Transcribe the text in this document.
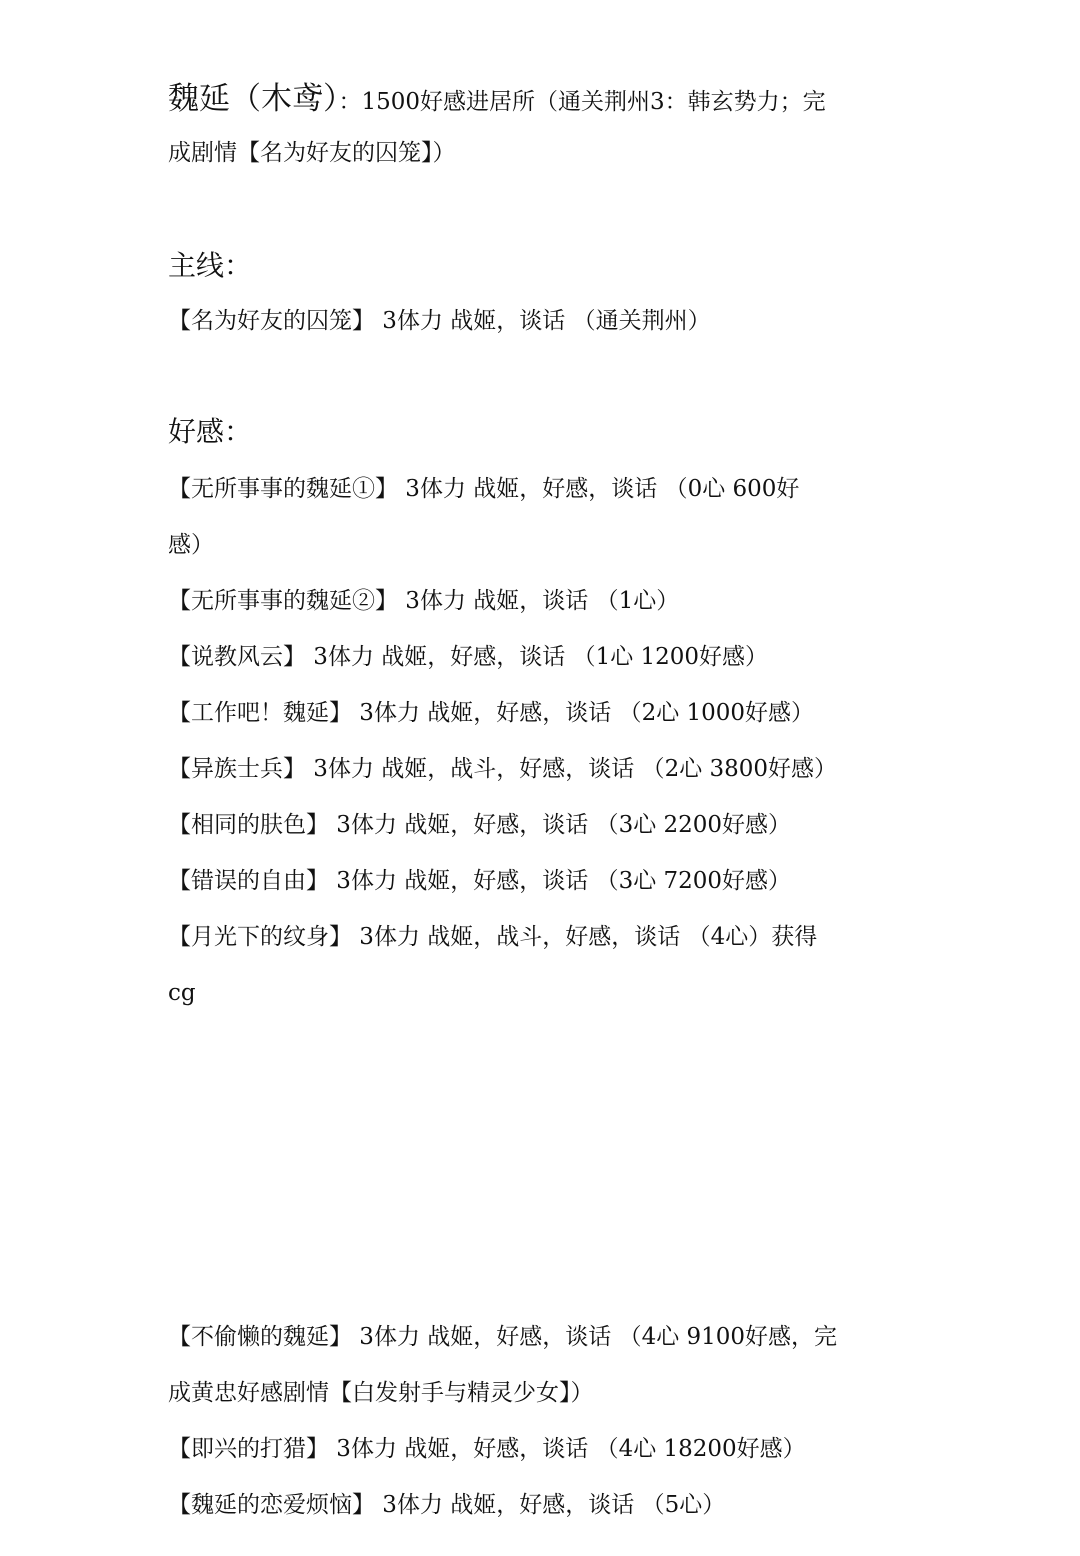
魏延（木鸢）：1500好感进居所（通关荆州3：韩玄势力；完
成剧情【名为好友的囚笼】）
主线：
【名为好友的囚笼】 3体力 战姬，谈话 （通关荆州）
好感：
【无所事事的魏延①】 3体力 战姬，好感，谈话 （0心 600好
感）
【无所事事的魏延②】 3体力 战姬，谈话 （1心）
【说教风云】 3体力 战姬，好感，谈话 （1心 1200好感）
【工作吧！魏延】 3体力 战姬，好感，谈话 （2心 1000好感）
【异族士兵】 3体力 战姬，战斗，好感，谈话 （2心 3800好感）
【相同的肤色】 3体力 战姬，好感，谈话 （3心 2200好感）
【错误的自由】 3体力 战姬，好感，谈话 （3心 7200好感）
【月光下的纹身】 3体力 战姬，战斗，好感，谈话 （4心）获得
cg
【不偷懒的魏延】 3体力 战姬，好感，谈话 （4心 9100好感，完
成黄忠好感剧情【白发射手与精灵少女】）
【即兴的打猎】 3体力 战姬，好感，谈话 （4心 18200好感）
【魏延的恋爱烦恼】 3体力 战姬，好感，谈话 （5心）
